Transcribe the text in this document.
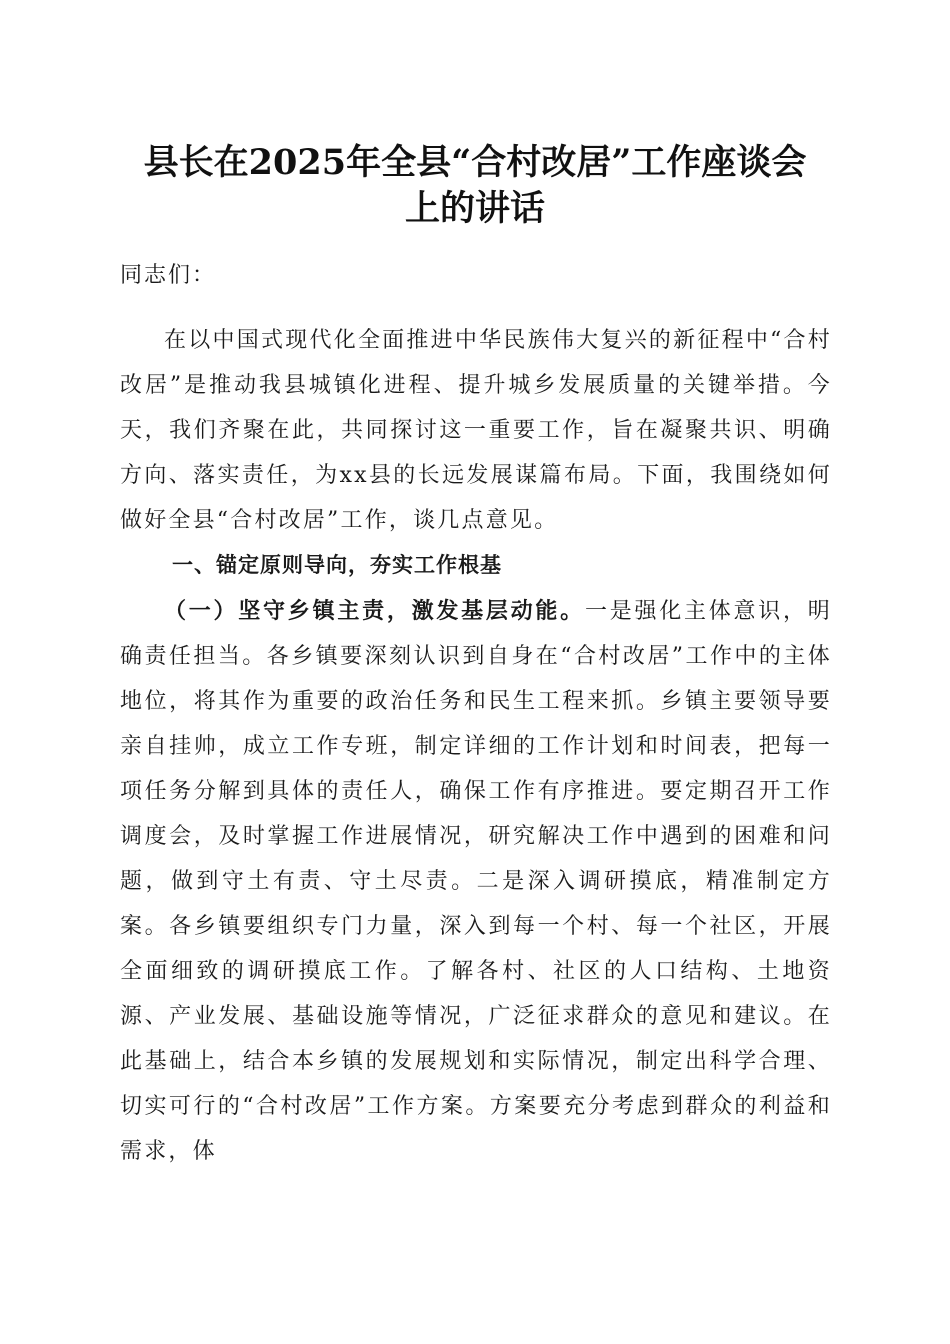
县长在2025年全县“合村改居”工作座谈会
上的讲话
同志们：

在以中国式现代化全面推进中华民族伟大复兴的新征程中“合村改居”是推动我县城镇化进程、提升城乡发展质量的关键举措。今天，我们齐聚在此，共同探讨这一重要工作，旨在凝聚共识、明确方向、落实责任，为xx县的长远发展谋篇布局。下面，我围绕如何做好全县“合村改居”工作，谈几点意见。

一、锚定原则导向，夯实工作根基

（一）坚守乡镇主责，激发基层动能。一是强化主体意识，明确责任担当。各乡镇要深刻认识到自身在“合村改居”工作中的主体地位，将其作为重要的政治任务和民生工程来抓。乡镇主要领导要亲自挂帅，成立工作专班，制定详细的工作计划和时间表，把每一项任务分解到具体的责任人，确保工作有序推进。要定期召开工作调度会，及时掌握工作进展情况，研究解决工作中遇到的困难和问题，做到守土有责、守土尽责。二是深入调研摸底，精准制定方案。各乡镇要组织专门力量，深入到每一个村、每一个社区，开展全面细致的调研摸底工作。了解各村、社区的人口结构、土地资源、产业发展、基础设施等情况，广泛征求群众的意见和建议。在此基础上，结合本乡镇的发展规划和实际情况，制定出科学合理、切实可行的“合村改居”工作方案。方案要充分考虑到群众的利益和需求，体
